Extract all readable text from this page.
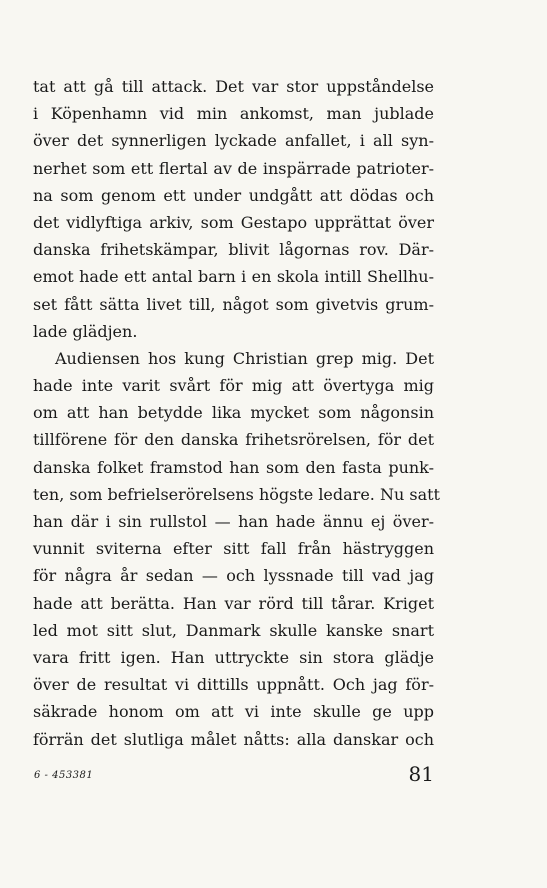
tat att gå till attack. Det var stor uppståndelse
i Köpenhamn vid min ankomst, man jublade
över det synnerligen lyckade anfallet, i all syn-
nerhet som ett flertal av de inspärrade patrioter-
na som genom ett under undgått att dödas och
det vidlyftiga arkiv, som Gestapo upprättat över
danska frihetskämpar, blivit lågornas rov. Där-
emot hade ett antal barn i en skola intill Shellhu-
set fått sätta livet till, något som givetvis grum-
lade glädjen.
Audiensen hos kung Christian grep mig. Det
hade inte varit svårt för mig att övertyga mig
om att han betydde lika mycket som någonsin
tillförene för den danska frihetsrörelsen, för det
danska folket framstod han som den fasta punk-
ten, som befrielserörelsens högste ledare. Nu satt
han där i sin rullstol — han hade ännu ej över-
vunnit sviterna efter sitt fall från hästryggen
för några år sedan — och lyssnade till vad jag
hade att berätta. Han var rörd till tårar. Kriget
led mot sitt slut, Danmark skulle kanske snart
vara fritt igen. Han uttryckte sin stora glädje
över de resultat vi dittills uppnått. Och jag för-
säkrade honom om att vi inte skulle ge upp
förrän det slutliga målet nåtts: alla danskar och
6 - 453381	81
